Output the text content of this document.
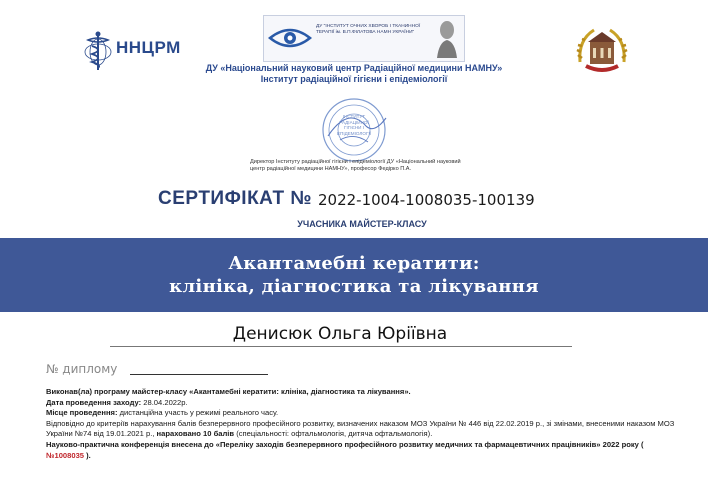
ННЦРМ
ДУ "ІНСТИТУТ ОЧНИХ ХВОРОБ І ТКАНИННОЇ ТЕРАПІЇ ім. В.П.ФІЛАТОВА НАМН УКРАЇНИ"
ДУ «Національний науковий центр Радіаційної медицини НАМНУ»
Інститут радіаційної гігієни і епідеміології
ІНСТИТУТ РАДІАЦІЙНОЇ ГІГІЄНИ І ЕПІДЕМІОЛОГІЇ
Директор Інституту радіаційної гігієни і епідеміології ДУ «Національний науковий центр радіаційної медицини НАМНУ», професор Федірко П.А.
СЕРТИФІКАТ № 2022-1004-1008035-100139
УЧАСНИКА МАЙСТЕР-КЛАСУ
Акантамебні кератити:
клініка, діагностика та лікування
Денисюк Ольга Юріївна
№ диплому

Виконав(ла) програму майстер-класу «Акантамебні кератити: клініка, діагностика та лікування».

Дата проведення заходу: 28.04.2022р.

Місце проведення: дистанційна участь у режимі реального часу.

Відповідно до критеріїв нарахування балів безперервного професійного розвитку, визначених наказом МОЗ України № 446 від 22.02.2019 р., зі змінами, внесеними наказом МОЗ України №74 від 19.01.2021 р., нараховано 10 балів (спеціальності: офтальмологія, дитяча офтальмологія).

Науково-практична конференція внесена до «Переліку заходів безперервного професійного розвитку медичних та фармацевтичних працівників» 2022 року ( №1008035 ).
